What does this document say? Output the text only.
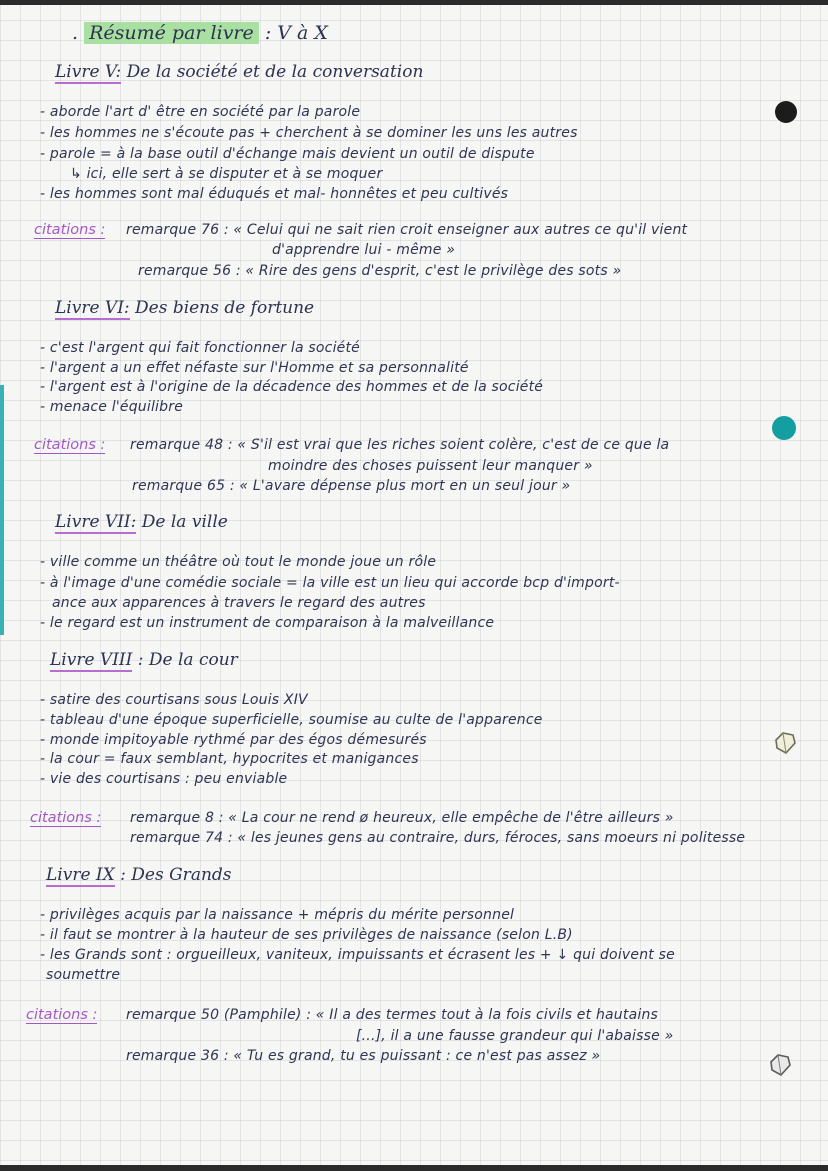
. Résumé par livre : V à X
Livre V: De la société et de la conversation
- aborde l'art d' être en société par la parole
- les hommes ne s'écoute pas + cherchent à se dominer les uns les autres
- parole = à la base outil d'échange mais devient un outil de dispute
↳ ici, elle sert à se disputer et à se moquer
- les hommes sont mal éduqués et mal- honnêtes et peu cultivés
citations : remarque 76 : « Celui qui ne sait rien croit enseigner aux autres ce qu'il vient
d'apprendre lui - même »
remarque 56 : « Rire des gens d'esprit, c'est le privilège des sots »
Livre VI: Des biens de fortune
- c'est l'argent qui fait fonctionner la société
- l'argent a un effet néfaste sur l'Homme et sa personnalité
- l'argent est à l'origine de la décadence des hommes et de la société
- menace l'équilibre
citations : remarque 48 : « S'il est vrai que les riches soient colère, c'est de ce que la
moindre des choses puissent leur manquer »
remarque 65 : « L'avare dépense plus mort en un seul jour »
Livre VII: De la ville
- ville comme un théâtre où tout le monde joue un rôle
- à l'image d'une comédie sociale = la ville est un lieu qui accorde bcp d'import-
ance aux apparences à travers le regard des autres
- le regard est un instrument de comparaison à la malveillance
Livre VIII : De la cour
- satire des courtisans sous Louis XIV
- tableau d'une époque superficielle, soumise au culte de l'apparence
- monde impitoyable rythmé par des égos démesurés
- la cour = faux semblant, hypocrites et manigances
- vie des courtisans : peu enviable
citations : remarque 8 : « La cour ne rend ø heureux, elle empêche de l'être ailleurs »
remarque 74 : « les jeunes gens au contraire, durs, féroces, sans moeurs ni politesse
Livre IX : Des Grands
- privilèges acquis par la naissance + mépris du mérite personnel
- il faut se montrer à la hauteur de ses privilèges de naissance (selon L.B)
- les Grands sont : orgueilleux, vaniteux, impuissants et écrasent les + ↓ qui doivent se
soumettre
citations : remarque 50 (Pamphile) : « Il a des termes tout à la fois civils et hautains
[...], il a une fausse grandeur qui l'abaisse »
remarque 36 : « Tu es grand, tu es puissant : ce n'est pas assez »
